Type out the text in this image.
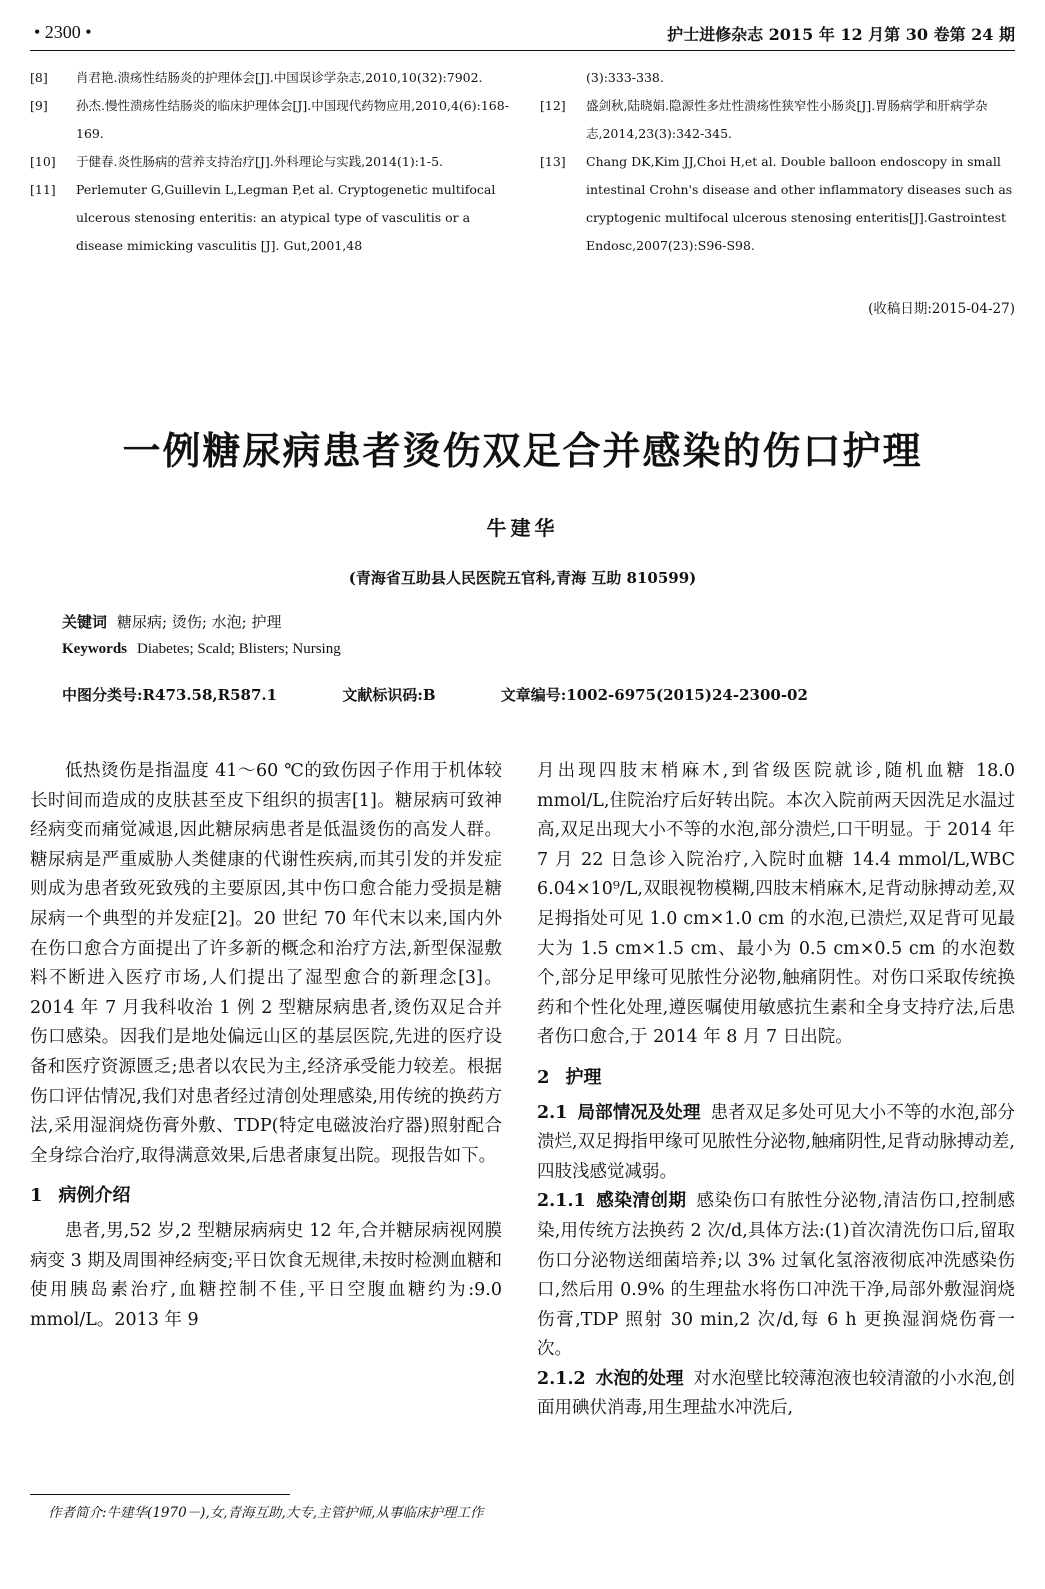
• 2300 •	护士进修杂志 2015 年 12 月第 30 卷第 24 期
[8] 肖君艳.溃疡性结肠炎的护理体会[J].中国误诊学杂志,2010,10(32):7902.
[9] 孙杰.慢性溃疡性结肠炎的临床护理体会[J].中国现代药物应用,2010,4(6):168-169.
[10] 于健春.炎性肠病的营养支持治疗[J].外科理论与实践,2014(1):1-5.
[11] Perlemuter G,Guillevin L,Legman P,et al. Cryptogenetic multifocal ulcerous stenosing enteritis: an atypical type of vasculitis or a disease mimicking vasculitis [J]. Gut,2001,48
(3):333-338.
[12] 盛剑秋,陆晓娟.隐源性多灶性溃疡性狭窄性小肠炎[J].胃肠病学和肝病学杂志,2014,23(3):342-345.
[13] Chang DK,Kim JJ,Choi H,et al. Double balloon endoscopy in small intestinal Crohn's disease and other inflammatory diseases such as cryptogenic multifocal ulcerous stenosing enteritis[J].Gastrointest Endosc,2007(23):S96-S98.
(收稿日期:2015-04-27)
一例糖尿病患者烫伤双足合并感染的伤口护理
牛建华
(青海省互助县人民医院五官科,青海 互助 810599)
关键词 糖尿病; 烫伤; 水泡; 护理
Keywords Diabetes; Scald; Blisters; Nursing
中图分类号:R473.58,R587.1	文献标识码:B	文章编号:1002-6975(2015)24-2300-02

低热烫伤是指温度 41～60 ℃的致伤因子作用于机体较长时间而造成的皮肤甚至皮下组织的损害[1]。糖尿病可致神经病变而痛觉减退,因此糖尿病患者是低温烫伤的高发人群。糖尿病是严重威胁人类健康的代谢性疾病,而其引发的并发症则成为患者致死致残的主要原因,其中伤口愈合能力受损是糖尿病一个典型的并发症[2]。20 世纪 70 年代末以来,国内外在伤口愈合方面提出了许多新的概念和治疗方法,新型保湿敷料不断进入医疗市场,人们提出了湿型愈合的新理念[3]。2014 年 7 月我科收治 1 例 2 型糖尿病患者,烫伤双足合并伤口感染。因我们是地处偏远山区的基层医院,先进的医疗设备和医疗资源匮乏;患者以农民为主,经济承受能力较差。根据伤口评估情况,我们对患者经过清创处理感染,用传统的换药方法,采用湿润烧伤膏外敷、TDP(特定电磁波治疗器)照射配合全身综合治疗,取得满意效果,后患者康复出院。现报告如下。

1 病例介绍

患者,男,52 岁,2 型糖尿病病史 12 年,合并糖尿病视网膜病变 3 期及周围神经病变;平日饮食无规律,未按时检测血糖和使用胰岛素治疗,血糖控制不佳,平日空腹血糖约为:9.0 mmol/L。2013 年 9

月出现四肢末梢麻木,到省级医院就诊,随机血糖 18.0 mmol/L,住院治疗后好转出院。本次入院前两天因洗足水温过高,双足出现大小不等的水泡,部分溃烂,口干明显。于 2014 年 7 月 22 日急诊入院治疗,入院时血糖 14.4 mmol/L,WBC 6.04×10⁹/L,双眼视物模糊,四肢末梢麻木,足背动脉搏动差,双足拇指处可见 1.0 cm×1.0 cm 的水泡,已溃烂,双足背可见最大为 1.5 cm×1.5 cm、最小为 0.5 cm×0.5 cm 的水泡数个,部分足甲缘可见脓性分泌物,触痛阴性。对伤口采取传统换药和个性化处理,遵医嘱使用敏感抗生素和全身支持疗法,后患者伤口愈合,于 2014 年 8 月 7 日出院。

2 护理

2.1 局部情况及处理 患者双足多处可见大小不等的水泡,部分溃烂,双足拇指甲缘可见脓性分泌物,触痛阴性,足背动脉搏动差,四肢浅感觉减弱。

2.1.1 感染清创期 感染伤口有脓性分泌物,清洁伤口,控制感染,用传统方法换药 2 次/d,具体方法:(1)首次清洗伤口后,留取伤口分泌物送细菌培养;以 3% 过氧化氢溶液彻底冲洗感染伤口,然后用 0.9% 的生理盐水将伤口冲洗干净,局部外敷湿润烧伤膏,TDP 照射 30 min,2 次/d,每 6 h 更换湿润烧伤膏一次。

2.1.2 水泡的处理 对水泡壁比较薄泡液也较清澈的小水泡,创面用碘伏消毒,用生理盐水冲洗后,

作者简介:牛建华(1970－),女,青海互助,大专,主管护师,从事临床护理工作
